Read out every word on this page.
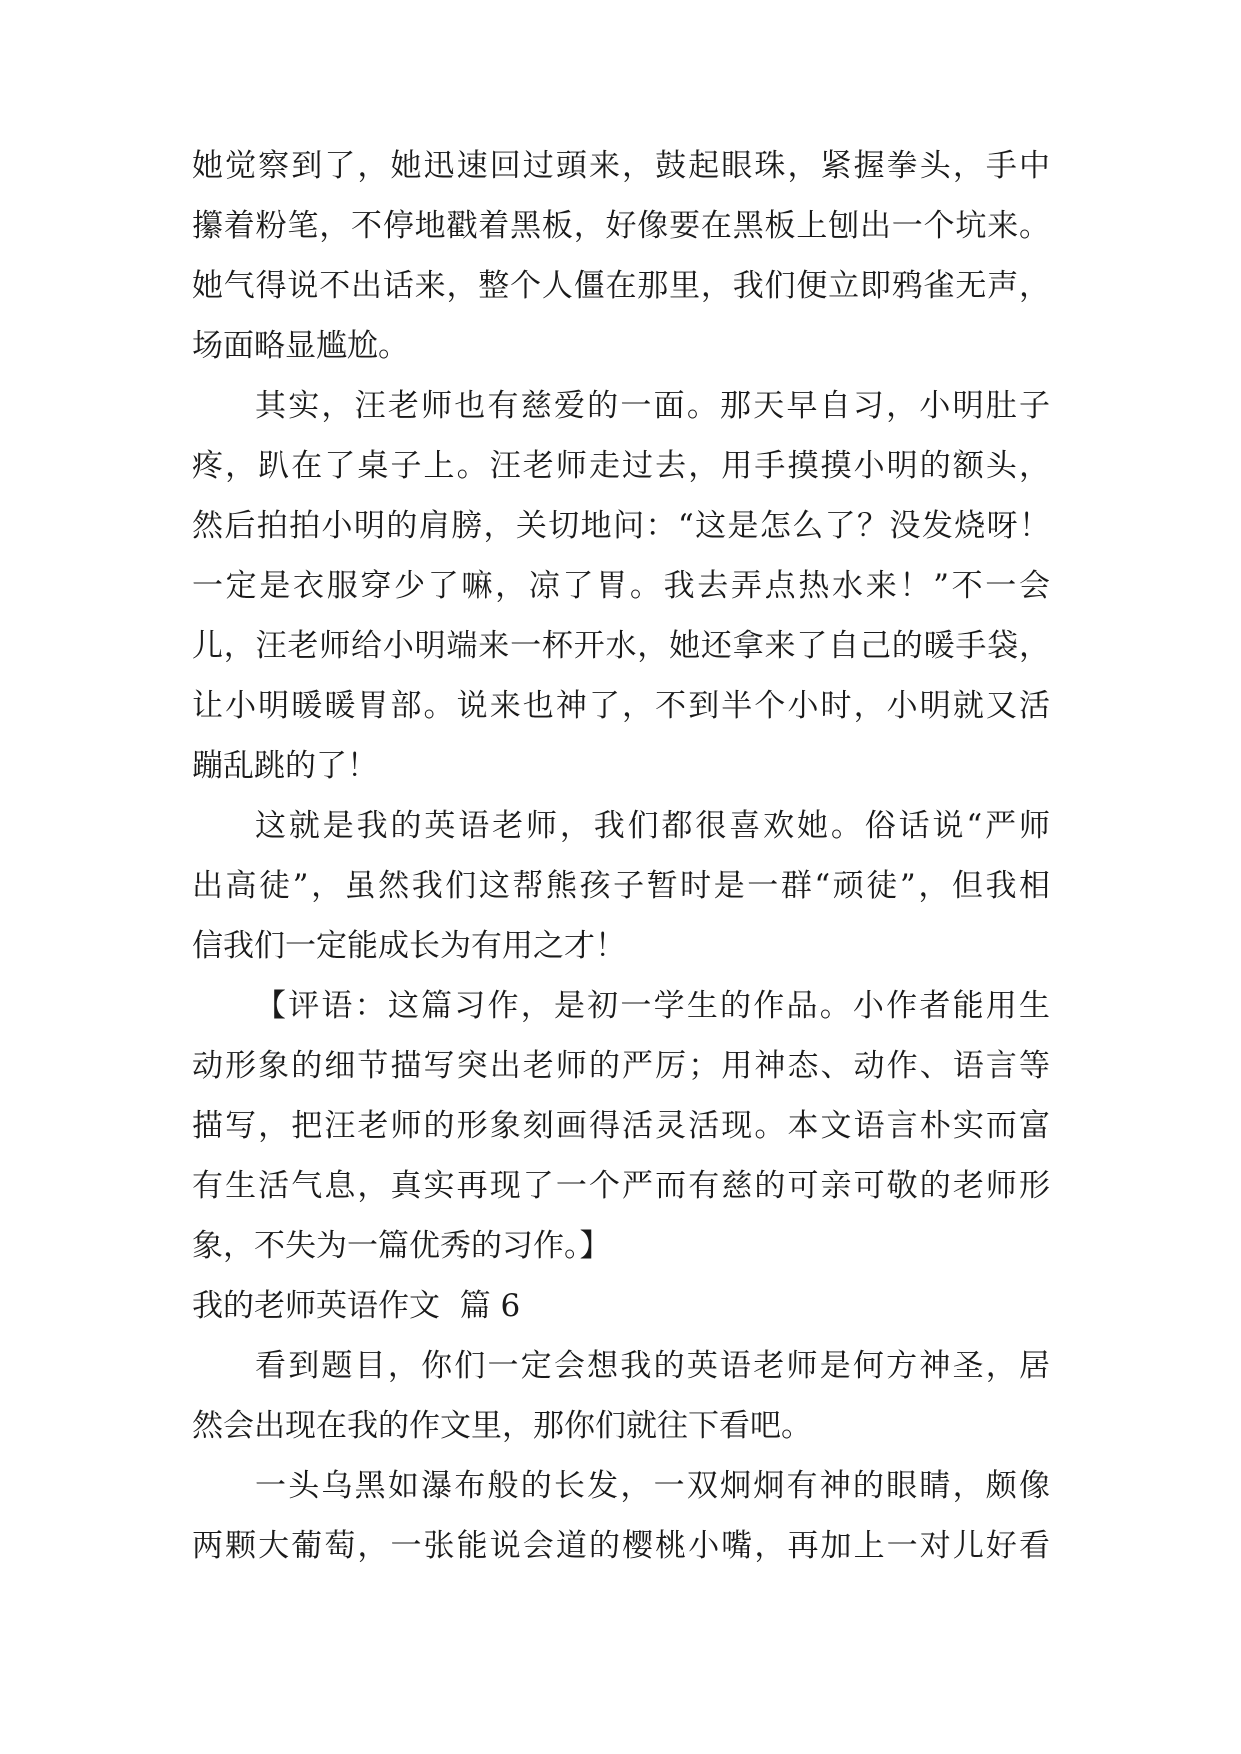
她觉察到了，她迅速回过頭来，鼓起眼珠，紧握拳头，手中
攥着粉笔，不停地戳着黑板，好像要在黑板上刨出一个坑来。
她气得说不出话来，整个人僵在那里，我们便立即鸦雀无声，
场面略显尴尬。
其实，汪老师也有慈爱的一面。那天早自习，小明肚子
疼，趴在了桌子上。汪老师走过去，用手摸摸小明的额头，
然后拍拍小明的肩膀，关切地问：“这是怎么了？没发烧呀！
一定是衣服穿少了嘛，凉了胃。我去弄点热水来！”不一会
儿，汪老师给小明端来一杯开水，她还拿来了自己的暖手袋，
让小明暖暖胃部。说来也神了，不到半个小时，小明就又活
蹦乱跳的了！
这就是我的英语老师，我们都很喜欢她。俗话说“严师
出高徒”，虽然我们这帮熊孩子暂时是一群“顽徒”，但我相
信我们一定能成长为有用之才！
【评语：这篇习作，是初一学生的作品。小作者能用生
动形象的细节描写突出老师的严厉；用神态、动作、语言等
描写，把汪老师的形象刻画得活灵活现。本文语言朴实而富
有生活气息，真实再现了一个严而有慈的可亲可敬的老师形
象，不失为一篇优秀的习作。】
我的老师英语作文  篇 6
看到题目，你们一定会想我的英语老师是何方神圣，居
然会出现在我的作文里，那你们就往下看吧。
一头乌黑如瀑布般的长发，一双炯炯有神的眼睛，颇像
两颗大葡萄，一张能说会道的樱桃小嘴，再加上一对儿好看
